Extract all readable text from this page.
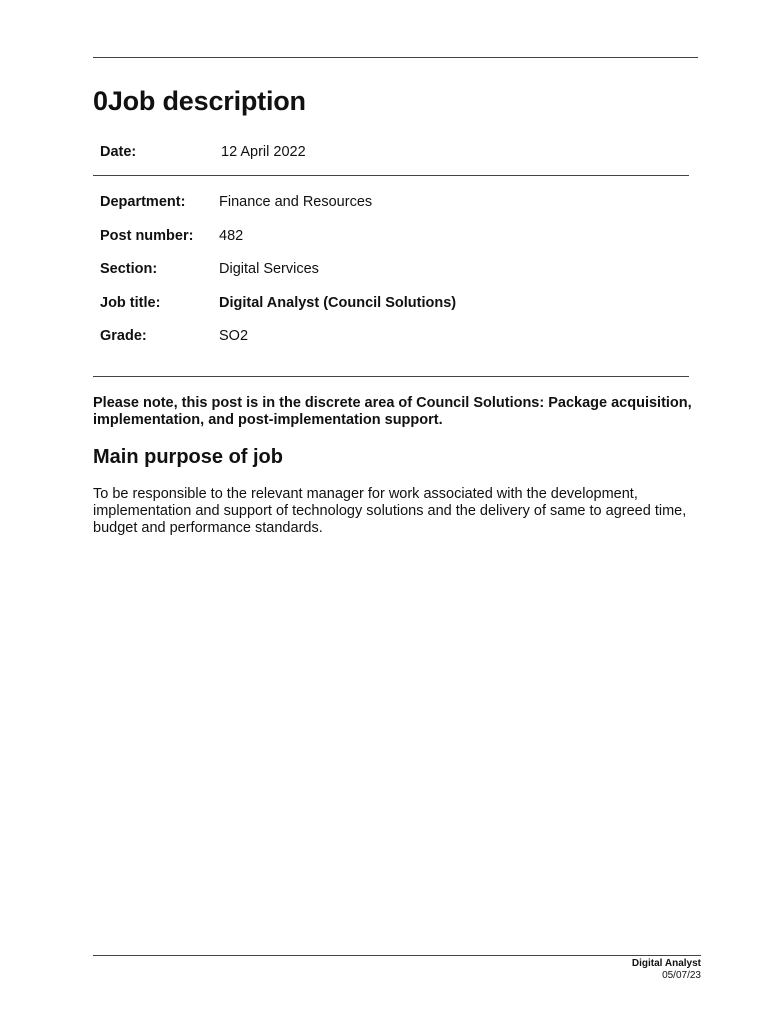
0Job description
Date:	12 April 2022
Department: Finance and Resources
Post number: 482
Section:	Digital Services
Job title:	Digital Analyst (Council Solutions)
Grade:	SO2

Please note, this post is in the discrete area of Council Solutions: Package acquisition, implementation, and post-implementation support.

Main purpose of job

To be responsible to the relevant manager for work associated with the development, implementation and support of technology solutions and the delivery of same to agreed time, budget and performance standards.

Digital Analyst
05/07/23
